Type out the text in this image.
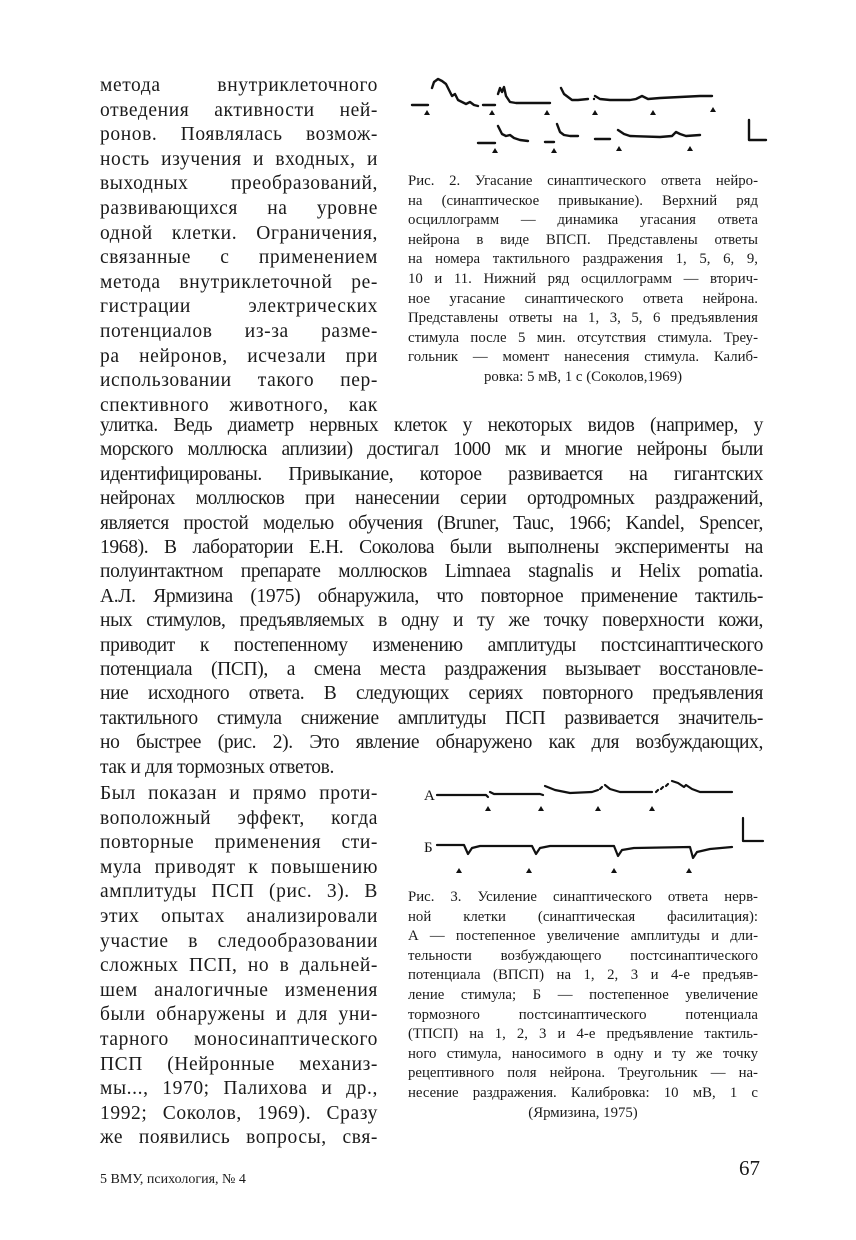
метода внутриклеточного
отведения активности ней-
ронов. Появлялась возмож-
ность изучения и входных, и
выходных преобразований,
развивающихся на уровне
одной клетки. Ограничения,
связанные с применением
метода внутриклеточной ре-
гистрации электрических
потенциалов из-за разме-
ра нейронов, исчезали при
использовании такого пер-
спективного животного, как
Рис. 2. Угасание синаптического ответа нейро-
на (синаптическое привыкание). Верхний ряд
осциллограмм — динамика угасания ответа
нейрона в виде ВПСП. Представлены ответы
на номера тактильного раздражения 1, 5, 6, 9,
10 и 11. Нижний ряд осциллограмм — вторич-
ное угасание синаптического ответа нейрона.
Представлены ответы на 1, 3, 5, 6 предъявления
стимула после 5 мин. отсутствия стимула. Треу-
гольник — момент нанесения стимула. Калиб-
ровка: 5 мВ, 1 с (Соколов,1969)
улитка. Ведь диаметр нервных клеток у некоторых видов (например, у
морского моллюска аплизии) достигал 1000 мк и многие нейроны были
идентифицированы. Привыкание, которое развивается на гигантских
нейронах моллюсков при нанесении серии ортодромных раздражений,
является простой моделью обучения (Bruner, Tauc, 1966; Kandel, Spencer,
1968). В лаборатории Е.Н. Соколова были выполнены эксперименты на
полуинтактном препарате моллюсков Limnaea stagnalis и Helix pomatia.
А.Л. Ярмизина (1975) обнаружила, что повторное применение тактиль-
ных стимулов, предъявляемых в одну и ту же точку поверхности кожи,
приводит к постепенному изменению амплитуды постсинаптического
потенциала (ПСП), а смена места раздражения вызывает восстановле-
ние исходного ответа. В следующих сериях повторного предъявления
тактильного стимула снижение амплитуды ПСП развивается значитель-
но быстрее (рис. 2). Это явление обнаружено как для возбуждающих,
так и для тормозных ответов.
Был показан и прямо проти-
воположный эффект, когда
повторные применения сти-
мула приводят к повышению
амплитуды ПСП (рис. 3). В
этих опытах анализировали
участие в следообразовании
сложных ПСП, но в дальней-
шем аналогичные изменения
были обнаружены и для уни-
тарного моносинаптического
ПСП (Нейронные механиз-
мы..., 1970; Палихова и др.,
1992; Соколов, 1969). Сразу
же появились вопросы, свя-
А
Б
Рис. 3. Усиление синаптического ответа нерв-
ной клетки (синаптическая фасилитация):
А — постепенное увеличение амплитуды и дли-
тельности возбуждающего постсинаптического
потенциала (ВПСП) на 1, 2, 3 и 4-е предъяв-
ление стимула; Б — постепенное увеличение
тормозного постсинаптического потенциала
(ТПСП) на 1, 2, 3 и 4-е предъявление тактиль-
ного стимула, наносимого в одну и ту же точку
рецептивного поля нейрона. Треугольник — на-
несение раздражения. Калибровка: 10 мВ, 1 с
(Ярмизина, 1975)
67
5 ВМУ, психология, № 4
